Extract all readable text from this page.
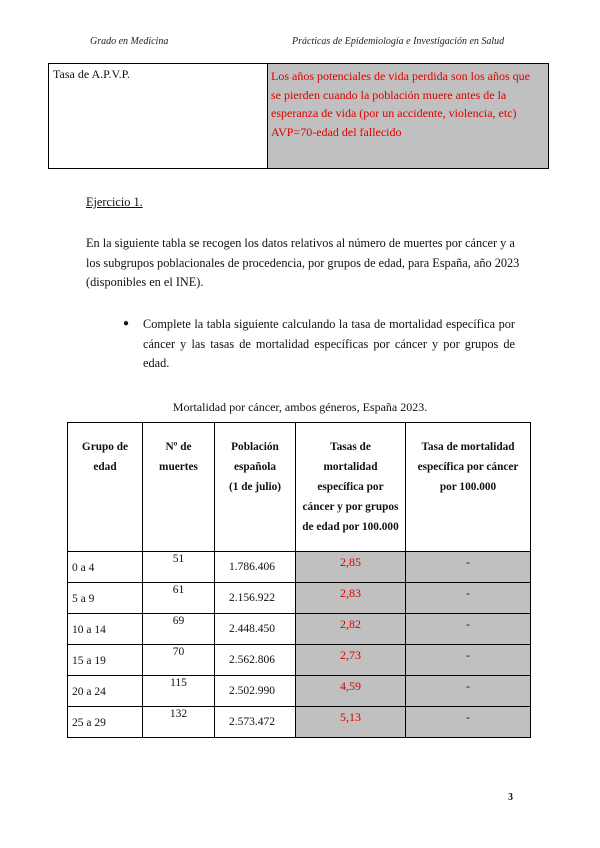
Grado en Medicina	Prácticas de Epidemiología e Investigación en Salud
Tasa de A.P.V.P.	Los años potenciales de vida perdida son los años que
se pierden cuando la población muere antes de la
esperanza de vida (por un accidente, violencia, etc)
AVP=70-edad del fallecido
Ejercicio 1.
En la siguiente tabla se recogen los datos relativos al número de muertes por cáncer y a
los subgrupos poblacionales de procedencia, por grupos de edad, para España, año 2023
(disponibles en el INE).
● Complete la tabla siguiente calculando la tasa de mortalidad específica por
cáncer y las tasas de mortalidad específicas por cáncer y por grupos de edad.
Mortalidad por cáncer, ambos géneros, España 2023.
Grupo de
edad	Nº de
muertes	Población
española
(1 de julio)	Tasas de
mortalidad
específica por
cáncer y por grupos
de edad por 100.000	Tasa de mortalidad
específica por cáncer
por 100.000
0 a 4	51	1.786.406	2,85	-
5 a 9	61	2.156.922	2,83	-
10 a 14	69	2.448.450	2,82	-
15 a 19	70	2.562.806	2,73	-
20 a 24	115	2.502.990	4,59	-
25 a 29	132	2.573.472	5,13	-
3
